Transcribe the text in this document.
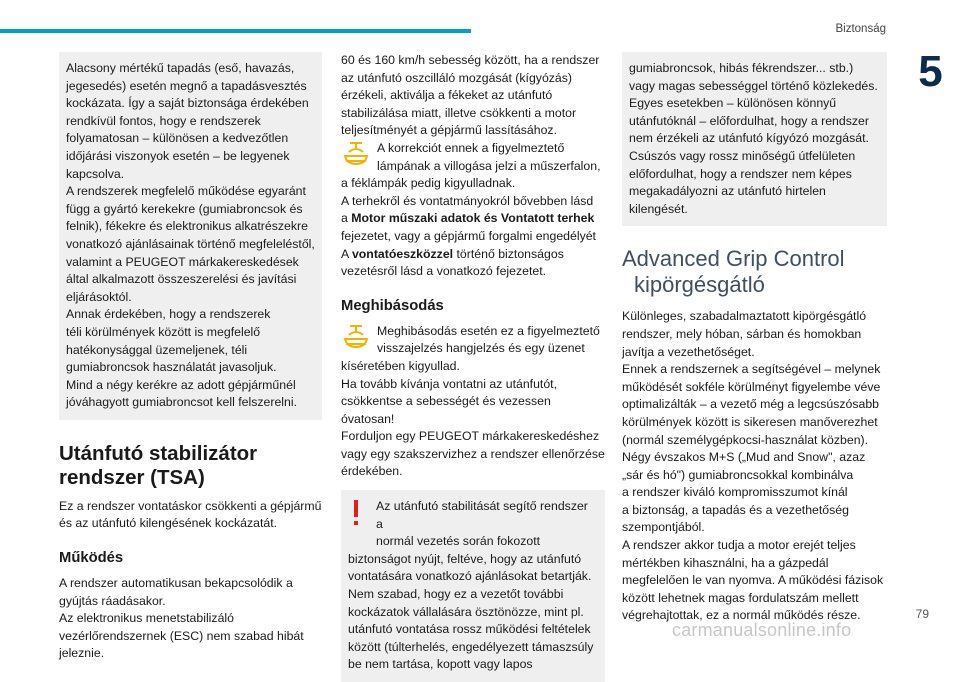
Biztonság
5

Alacsony mértékű tapadás (eső, havazás,

jegesedés) esetén megnő a tapadásvesztés

kockázata. Így a saját biztonsága érdekében

rendkívül fontos, hogy e rendszerek

folyamatosan – különösen a kedvezőtlen

időjárási viszonyok esetén – be legyenek

kapcsolva.

A rendszerek megfelelő működése egyaránt

függ a gyártó kerekekre (gumiabroncsok és

felnik), fékekre és elektronikus alkatrészekre

vonatkozó ajánlásainak történő megfeleléstől,

valamint a PEUGEOT márkakereskedések

által alkalmazott összeszerelési és javítási

eljárásoktól.

Annak érdekében, hogy a rendszerek

téli körülmények között is megfelelő

hatékonysággal üzemeljenek, téli

gumiabroncsok használatát javasoljuk.

Mind a négy kerékre az adott gépjárműnél

jóváhagyott gumiabroncsot kell felszerelni.

Utánfutó stabilizátor
rendszer (TSA)

Ez a rendszer vontatáskor csökkenti a gépjármű

és az utánfutó kilengésének kockázatát.

Működés

A rendszer automatikusan bekapcsolódik a

gyújtás ráadásakor.

Az elektronikus menetstabilizáló

vezérlőrendszernek (ESC) nem szabad hibát

jeleznie.

60 és 160 km/h sebesség között, ha a rendszer

az utánfutó oszcilláló mozgását (kígyózás)

érzékeli, aktiválja a fékeket az utánfutó

stabilizálása miatt, illetve csökkenti a motor

teljesítményét a gépjármű lassításához.

A korrekciót ennek a figyelmeztető

lámpának a villogása jelzi a műszerfalon,

a féklámpák pedig kigyulladnak.

A terhekről és vontatmányokról bővebben lásd

a Motor műszaki adatok és Vontatott terhek

fejezetet, vagy a gépjármű forgalmi engedélyét

A vontatóeszközzel történő biztonságos

vezetésről lásd a vonatkozó fejezetet.

Meghibásodás

Meghibásodás esetén ez a figyelmeztető

visszajelzés hangjelzés és egy üzenet

kíséretében kigyullad.

Ha tovább kívánja vontatni az utánfutót,

csökkentse a sebességét és vezessen óvatosan!

Forduljon egy PEUGEOT márkakereskedéshez

vagy egy szakszervizhez a rendszer ellenőrzése

érdekében.

Az utánfutó stabilitását segítő rendszer a

normál vezetés során fokozott

biztonságot nyújt, feltéve, hogy az utánfutó

vontatására vonatkozó ajánlásokat betartják.

Nem szabad, hogy ez a vezetőt további

kockázatok vállalására ösztönözze, mint pl.

utánfutó vontatása rossz működési feltételek

között (túlterhelés, engedélyezett támaszsúly

be nem tartása, kopott vagy lapos

gumiabroncsok, hibás fékrendszer... stb.)

vagy magas sebességgel történő közlekedés.

Egyes esetekben – különösen könnyű

utánfutóknál – előfordulhat, hogy a rendszer

nem érzékeli az utánfutó kígyózó mozgását.

Csúszós vagy rossz minőségű útfelületen

előfordulhat, hogy a rendszer nem képes

megakadályozni az utánfutó hirtelen

kilengését.

Advanced Grip Control
kipörgésgátló

Különleges, szabadalmaztatott kipörgésgátló

rendszer, mely hóban, sárban és homokban

javítja a vezethetőséget.

Ennek a rendszernek a segítségével – melynek

működését sokféle körülményt figyelembe véve

optimalizálták – a vezető még a legcsúszósabb

körülmények között is sikeresen manőverezhet

(normál személygépkocsi-használat közben).

Négy évszakos M+S („Mud and Snow", azaz

„sár és hó") gumiabroncsokkal kombinálva

a rendszer kiváló kompromisszumot kínál

a biztonság, a tapadás és a vezethetőség

szempontjából.

A rendszer akkor tudja a motor erejét teljes

mértékben kihasználni, ha a gázpedál

megfelelően le van nyomva. A működési fázisok

között lehetnek magas fordulatszám mellett

végrehajtottak, ez a normál működés része.	79
carmanualsonline.info
